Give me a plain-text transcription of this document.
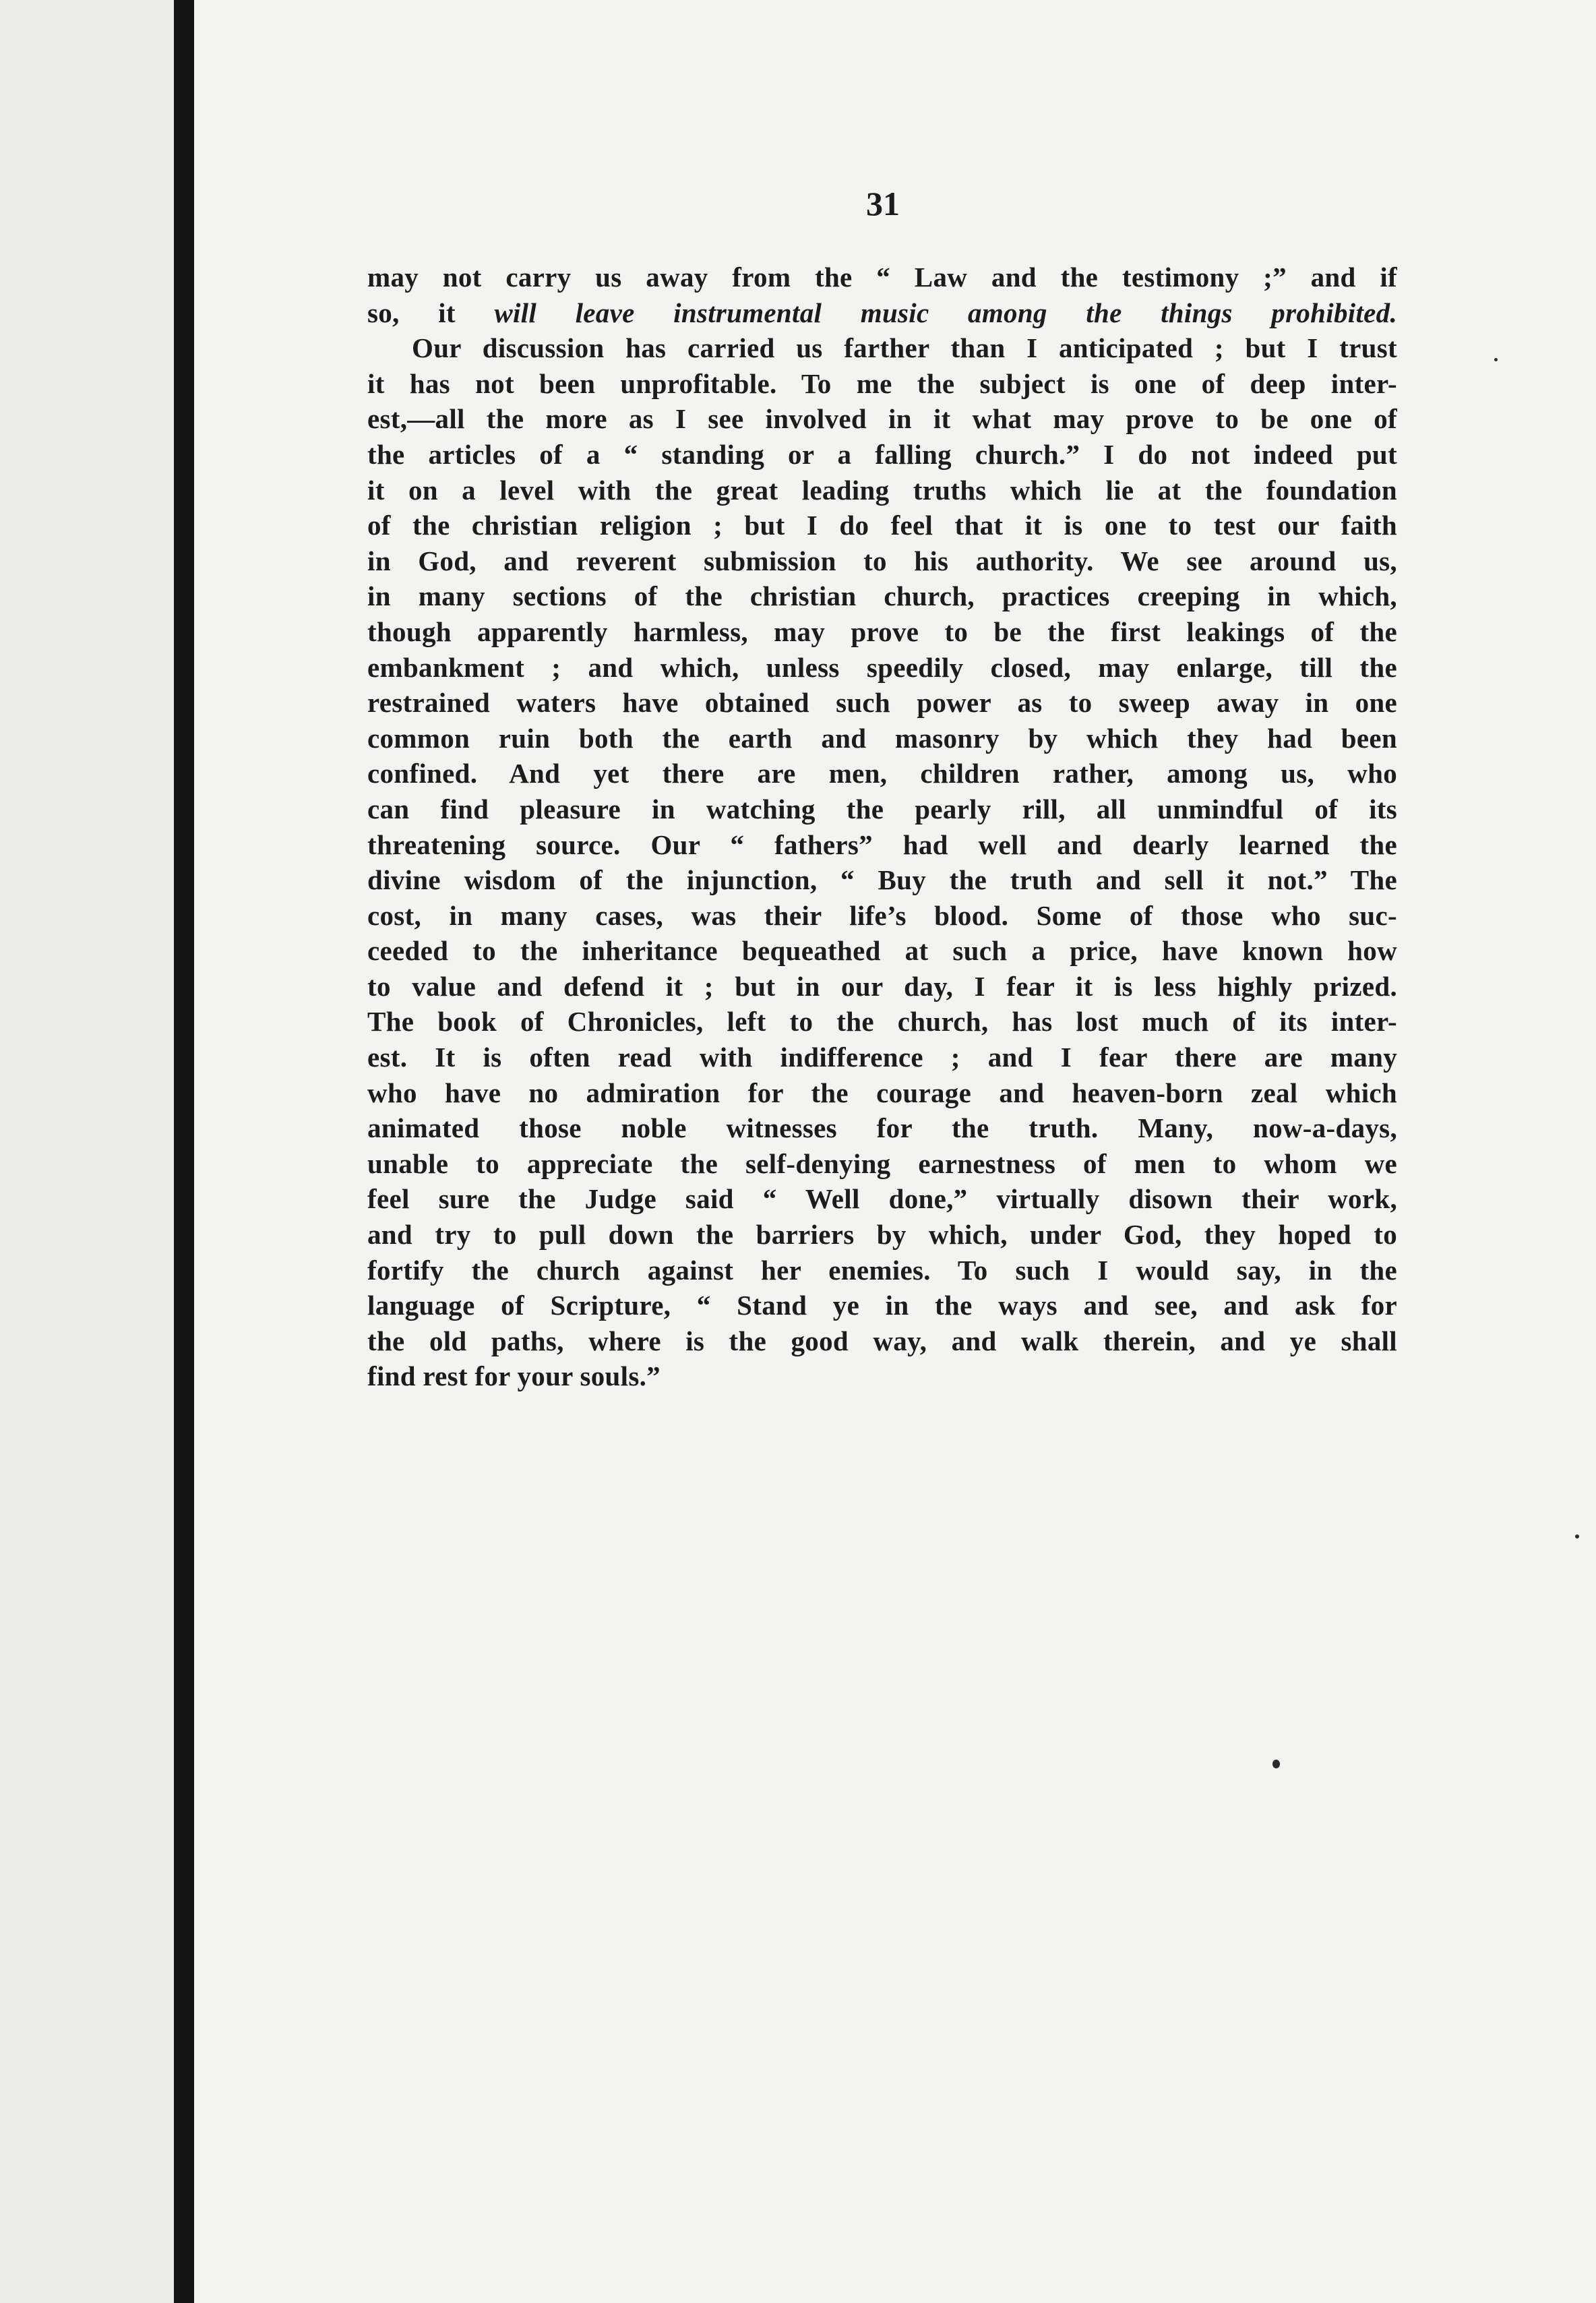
31
may not carry us away from the “ Law and the testimony ;” and if
so, it will leave instrumental music among the things prohibited.
Our discussion has carried us farther than I anticipated ; but I trust
it has not been unprofitable. To me the subject is one of deep inter-
est,—all the more as I see involved in it what may prove to be one of
the articles of a “ standing or a falling church.” I do not indeed put
it on a level with the great leading truths which lie at the foundation
of the christian religion ; but I do feel that it is one to test our faith
in God, and reverent submission to his authority. We see around us,
in many sections of the christian church, practices creeping in which,
though apparently harmless, may prove to be the first leakings of the
embankment ; and which, unless speedily closed, may enlarge, till the
restrained waters have obtained such power as to sweep away in one
common ruin both the earth and masonry by which they had been
confined. And yet there are men, children rather, among us, who
can find pleasure in watching the pearly rill, all unmindful of its
threatening source. Our “ fathers” had well and dearly learned the
divine wisdom of the injunction, “ Buy the truth and sell it not.” The
cost, in many cases, was their life’s blood. Some of those who suc-
ceeded to the inheritance bequeathed at such a price, have known how
to value and defend it ; but in our day, I fear it is less highly prized.
The book of Chronicles, left to the church, has lost much of its inter-
est. It is often read with indifference ; and I fear there are many
who have no admiration for the courage and heaven-born zeal which
animated those noble witnesses for the truth. Many, now-a-days,
unable to appreciate the self-denying earnestness of men to whom we
feel sure the Judge said “ Well done,” virtually disown their work,
and try to pull down the barriers by which, under God, they hoped to
fortify the church against her enemies. To such I would say, in the
language of Scripture, “ Stand ye in the ways and see, and ask for
the old paths, where is the good way, and walk therein, and ye shall
find rest for your souls.”
